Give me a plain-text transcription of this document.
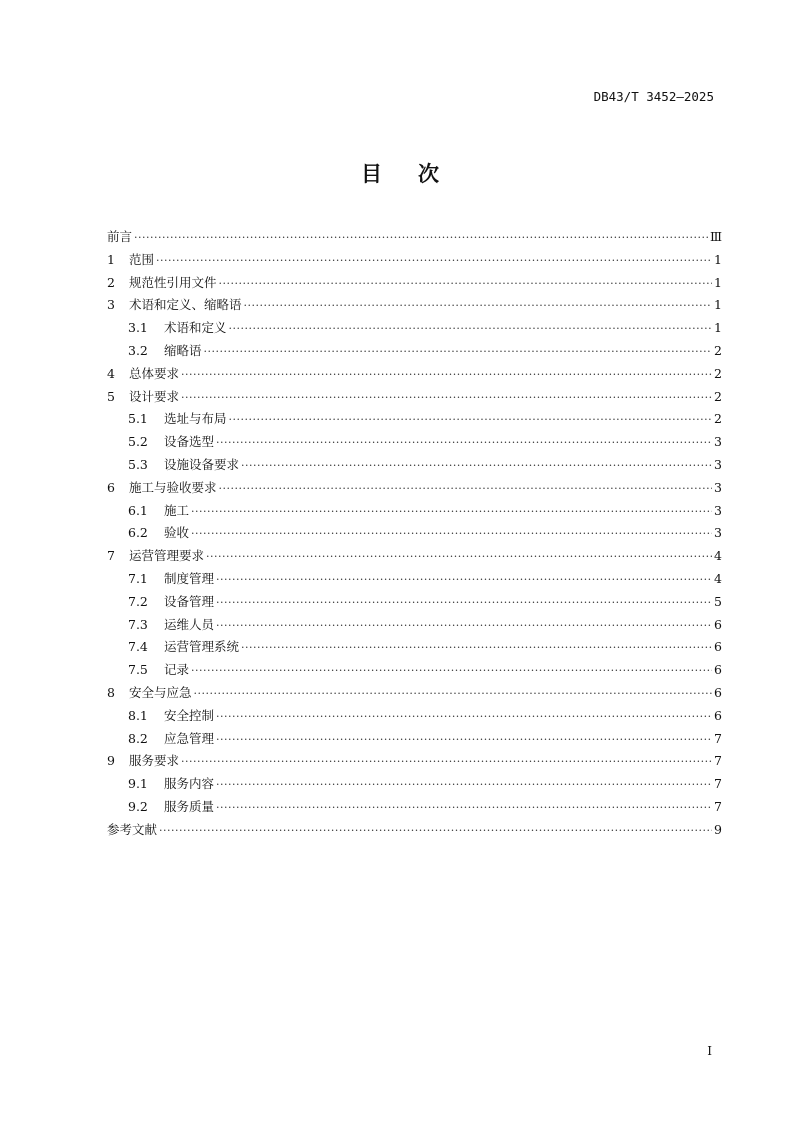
DB43/T 3452—2025
目次
前言 ·····	Ⅲ
1	范围 ·····	1
2	规范性引用文件 ·····	1
3	术语和定义、缩略语 ·····	1
3.1	术语和定义 ·····	1
3.2	缩略语 ·····	2
4	总体要求 ·····	2
5	设计要求 ·····	2
5.1	选址与布局 ·····	2
5.2	设备选型 ·····	3
5.3	设施设备要求 ·····	3
6	施工与验收要求 ·····	3
6.1	施工 ·····	3
6.2	验收 ·····	3
7	运营管理要求 ·····	4
7.1	制度管理 ·····	4
7.2	设备管理 ·····	5
7.3	运维人员 ·····	6
7.4	运营管理系统 ·····	6
7.5	记录 ·····	6
8	安全与应急 ·····	6
8.1	安全控制 ·····	6
8.2	应急管理 ·····	7
9	服务要求 ·····	7
9.1	服务内容 ·····	7
9.2	服务质量 ·····	7
参考文献 ·····	9
I
